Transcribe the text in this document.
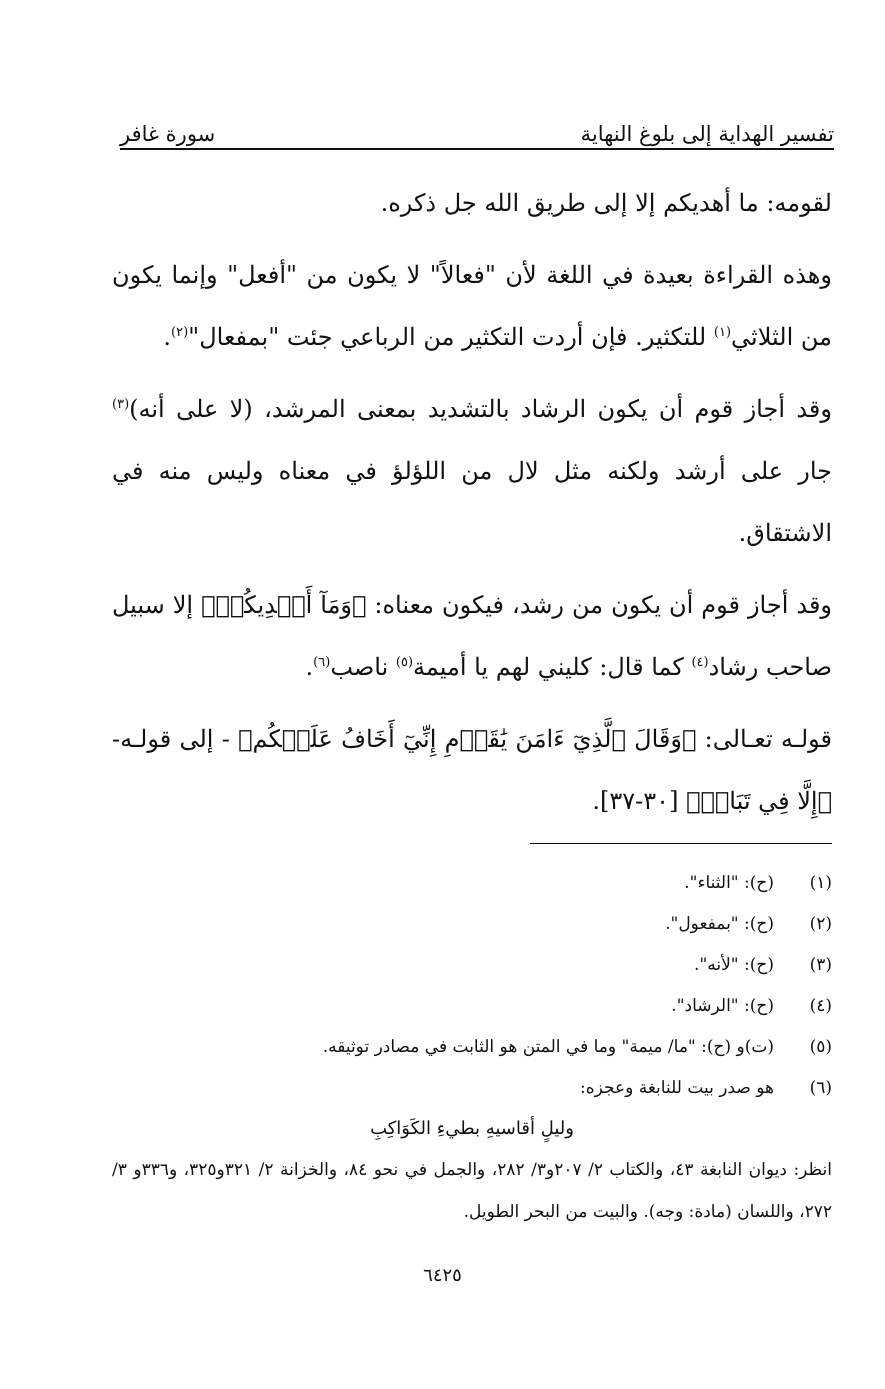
تفسير الهداية إلى بلوغ النهاية
سورة غافر

لقومه: ما أهديكم إلا إلى طريق الله جل ذكره.

وهذه القراءة بعيدة في اللغة لأن "فعالاً" لا يكون من "أفعل" وإنما يكون من الثلاثي$^{(١)}$ للتكثير. فإن أردت التكثير من الرباعي جئت "بمفعال"$^{(٢)}$.

وقد أجاز قوم أن يكون الرشاد بالتشديد بمعنى المرشد، (لا على أنه)$^{(٣)}$ جار على أرشد ولكنه مثل لال من اللؤلؤ في معناه وليس منه في الاشتقاق.

وقد أجاز قوم أن يكون من رشد، فيكون معناه: ﴿وَمَآ أَهۡدِيكُمۡ﴾ إلا سبيل صاحب رشاد$^{(٤)}$ كما قال: كليني لهم يا أميمة$^{(٥)}$ ناصب$^{(٦)}$.

قولـه تعـالى: ﴿وَقَالَ ٱلَّذِيٓ ءَامَنَ يَٰقَوۡمِ إِنِّيٓ أَخَافُ عَلَيۡكُم﴾ - إلى قولـه- ﴿إِلَّا فِي تَبَابٖ﴾ [٣٠-٣٧].

(١)
(ح): "الثناء".
(٢)
(ح): "بمفعول".
(٣)
(ح): "لأنه".
(٤)
(ح): "الرشاد".
(٥)
(ت)و (ح): "ما/ ميمة" وما في المتن هو الثابت في مصادر توثيقه.
(٦)
هو صدر بيت للنابغة وعجزه:

وليلٍ أقاسيهِ بطيءِ الكَوَاكِبِ

انظر: ديوان النابغة ٤٣، والكتاب ٢/ ٢٠٧و٣/ ٢٨٢، والجمل في نحو ٨٤، والخزانة ٢/ ٣٢١و٣٢٥، و٣٣٦و ٣/ ٢٧٢، واللسان (مادة: وجه). والبيت من البحر الطويل.

٦٤٢٥
